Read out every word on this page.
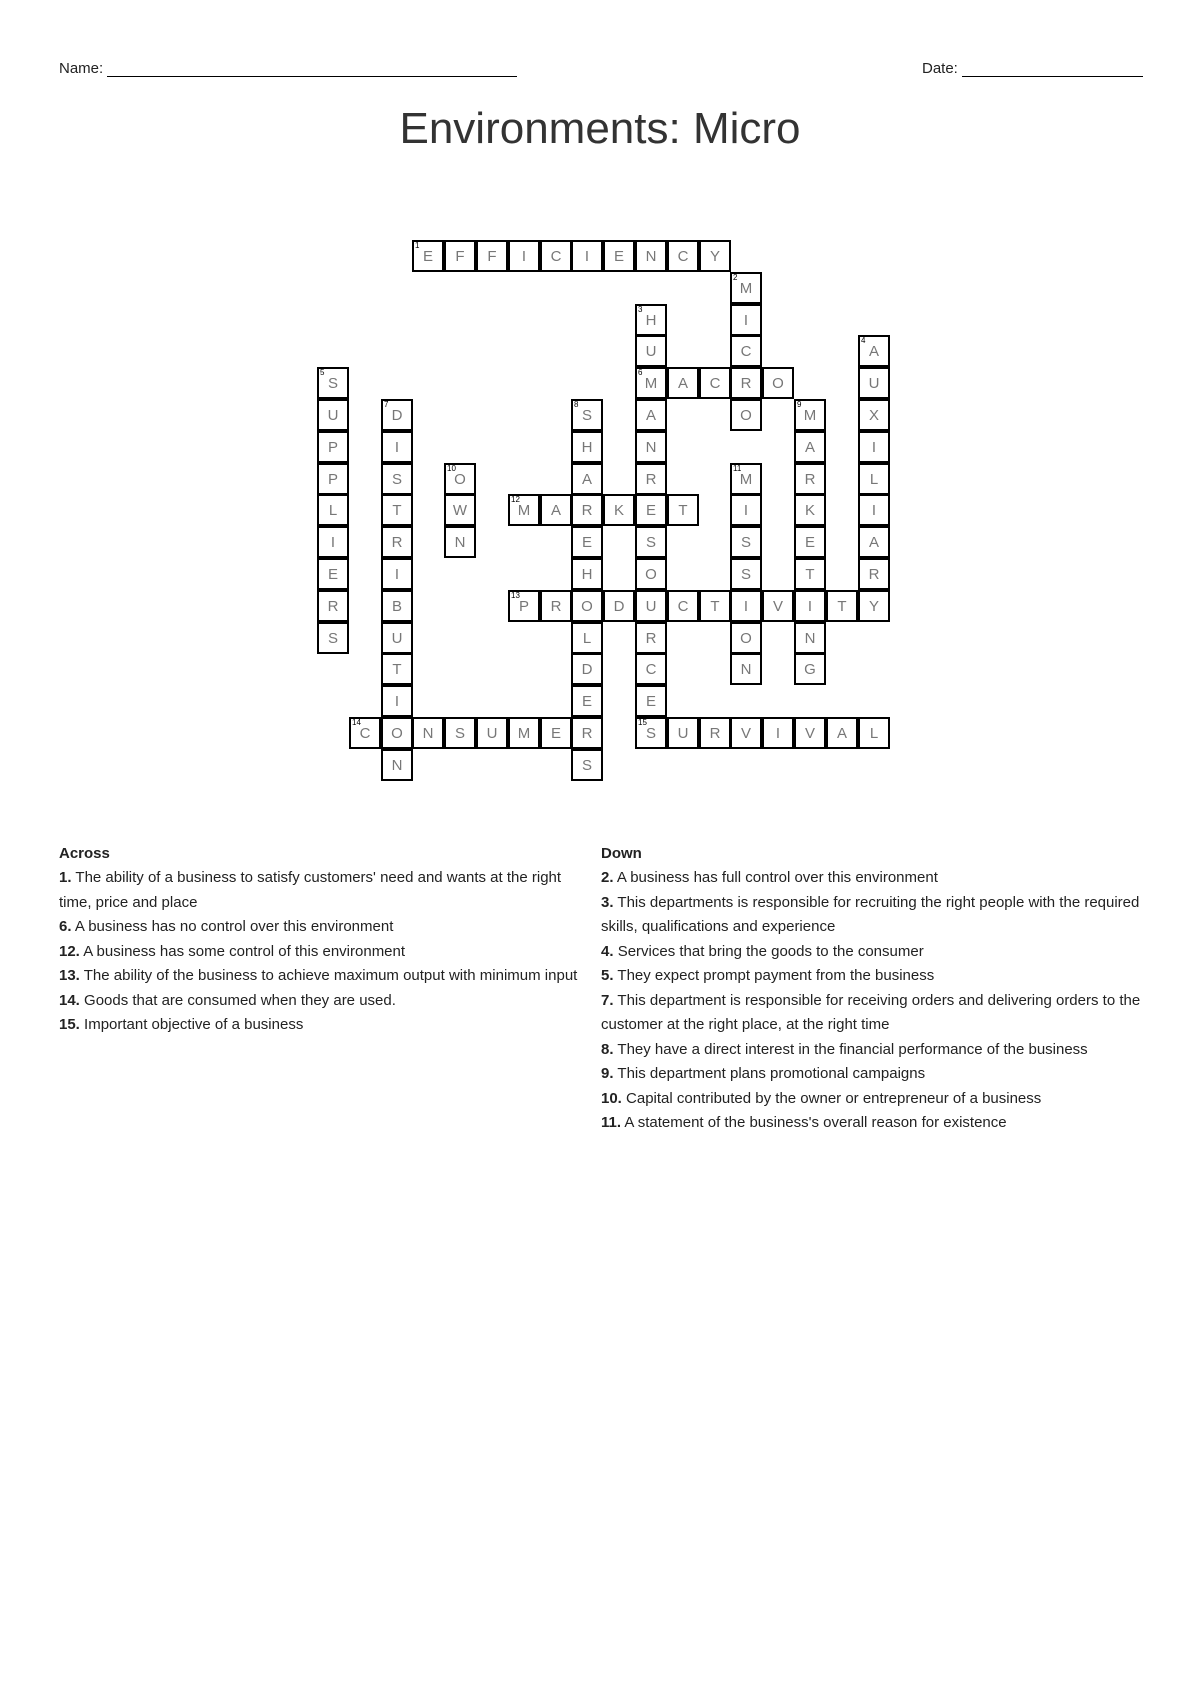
Name:	Date:
Environments: Micro
1
E	F	F	I	C	I	E	N	C	Y
2
M
I
C
R
O
3
H
U
6
M
A
N
R
E
S
O
U
R
C
E
4
A
U
X
I
L
I
A
R
Y
5
S
U
P
P
L
I
E
R
S
A	C	O
7
D
I
S
T
R
I
B
U
T
I
O
N
8
S
H
A
R
E
H
O
L
D
E
R
S
9
M
A
R
K
E
T
I
N
G
10
O
W
N
11
M
I
S
S
I
O
N
12
M	A	K	T
13
P	R	D	C	T	V	T
14
C	N	S	U	M	E
15
S	U	R	V	I	V	A	L
Across
1. The ability of a business to satisfy customers' need and wants at the right time, price and place
6. A business has no control over this environment
12. A business has some control of this environment
13. The ability of the business to achieve maximum output with minimum input
14. Goods that are consumed when they are used.
15. Important objective of a business
Down
2. A business has full control over this environment
3. This departments is responsible for recruiting the right people with the required skills, qualifications and experience
4. Services that bring the goods to the consumer
5. They expect prompt payment from the business
7. This department is responsible for receiving orders and delivering orders to the customer at the right place, at the right time
8. They have a direct interest in the financial performance of the business
9. This department plans promotional campaigns
10. Capital contributed by the owner or entrepreneur of a business
11. A statement of the business's overall reason for existence
